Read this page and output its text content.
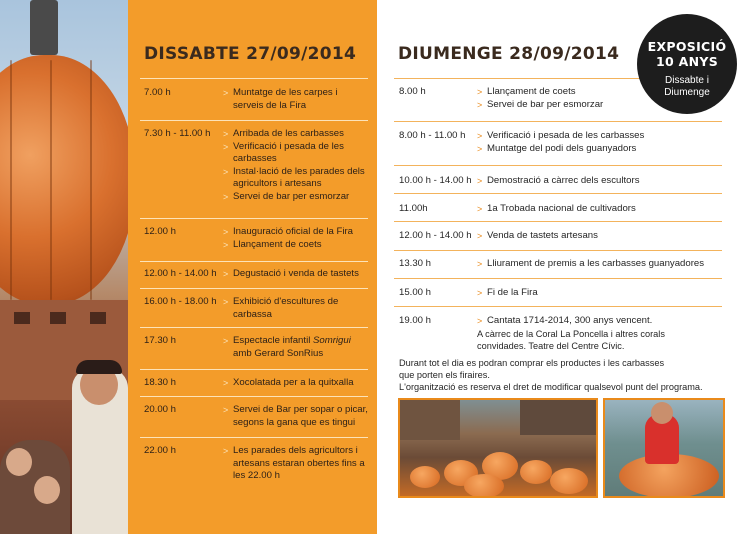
DISSABTE 27/09/2014
7.00 h	> Muntatge de les carpes i serveis de la Fira
7.30 h - 11.00 h	> Arribada de les carbasses
> Verificació i pesada de les carbasses
> Instal·lació de les parades dels agricultors i artesans
> Servei de bar per esmorzar
12.00 h	> Inauguració oficial de la Fira
> Llançament de coets
12.00 h - 14.00 h	> Degustació i venda de tastets
16.00 h - 18.00 h	> Exhibició d'escultures de carbassa
17.30 h	> Espectacle infantil Somrigui amb Gerard SonRius
18.30 h	> Xocolatada per a la quitxalla
20.00 h	> Servei de Bar per sopar o picar, segons la gana que es tingui
22.00 h	> Les parades dels agricultors i artesans estaran obertes fins a les 22.00 h
DIUMENGE 28/09/2014
8.00 h	> Llançament de coets
> Servei de bar per esmorzar
8.00 h - 11.00 h	> Verificació i pesada de les carbasses
> Muntatge del podi dels guanyadors
10.00 h - 14.00 h	> Demostració a càrrec dels escultors
11.00h	> 1a Trobada nacional de cultivadors
12.00 h - 14.00 h	> Venda de tastets artesans
13.30 h	> Lliurament de premis a les carbasses guanyadores
15.00 h	> Fi de la Fira
19.00 h	> Cantata 1714-2014, 300 anys vencent.
A càrrec de la Coral La Poncella i altres corals
convidades. Teatre del Centre Cívic.
EXPOSICIÓ
10 ANYS
Dissabte i
Diumenge
Durant tot el dia es podran comprar els productes i les carbasses
que porten els firaires.
L'organització es reserva el dret de modificar qualsevol punt del programa.
